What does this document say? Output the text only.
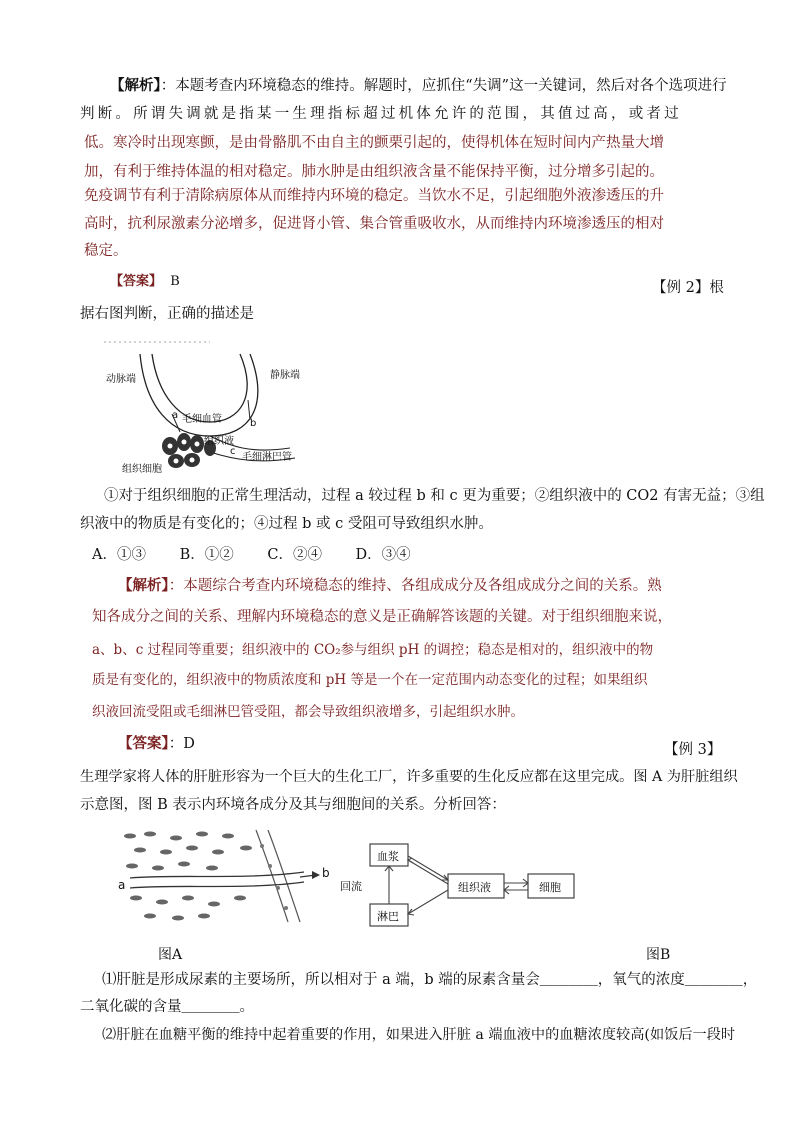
【解析】：本题考查内环境稳态的维持。解题时，应抓住“失调”这一关键词，然后对各个选项进行
判断。所谓失调就是指某一生理指标超过机体允许的范围，其值过高，或者过
低。寒冷时出现寒颤，是由骨骼肌不由自主的颤栗引起的，使得机体在短时间内产热量大增
加，有利于维持体温的相对稳定。肺水肿是由组织液含量不能保持平衡，过分增多引起的。
免疫调节有利于清除病原体从而维持内环境的稳定。当饮水不足，引起细胞外液渗透压的升
高时，抗利尿激素分泌增多，促进肾小管、集合管重吸收水，从而维持内环境渗透压的相对
稳定。
【答案】 B	【例 2】根
据右图判断，正确的描述是
动脉端	静脉端
a 毛细血管	b
组织液
c
毛细淋巴管
组织细胞
①对于组织细胞的正常生理活动，过程 a 较过程 b 和 c 更为重要；②组织液中的 CO2 有害无益；③组
织液中的物质是有变化的；④过程 b 或 c 受阻可导致组织水肿。
A．①③　　 B．①②　　 C．②④　　 D．③④
【解析】：本题综合考查内环境稳态的维持、各组成成分及各组成成分之间的关系。熟
知各成分之间的关系、理解内环境稳态的意义是正确解答该题的关键。对于组织细胞来说，
a、b、c 过程同等重要；组织液中的 CO₂参与组织 pH 的调控；稳态是相对的，组织液中的物
质是有变化的，组织液中的物质浓度和 pH 等是一个在一定范围内动态变化的过程；如果组织
织液回流受阻或毛细淋巴管受阻，都会导致组织液增多，引起组织水肿。
【答案】：D	【例 3】
生理学家将人体的肝脏形容为一个巨大的生化工厂，许多重要的生化反应都在这里完成。图 A 为肝脏组织
示意图，图 B 表示内环境各成分及其与细胞间的关系。分析回答：
a
b
血浆
淋巴
组织液	细胞
回流
图A	图B
⑴肝脏是形成尿素的主要场所，所以相对于 a 端，b 端的尿素含量会＿＿＿＿，氧气的浓度＿＿＿＿，
二氧化碳的含量＿＿＿＿。
⑵肝脏在血糖平衡的维持中起着重要的作用，如果进入肝脏 a 端血液中的血糖浓度较高(如饭后一段时
